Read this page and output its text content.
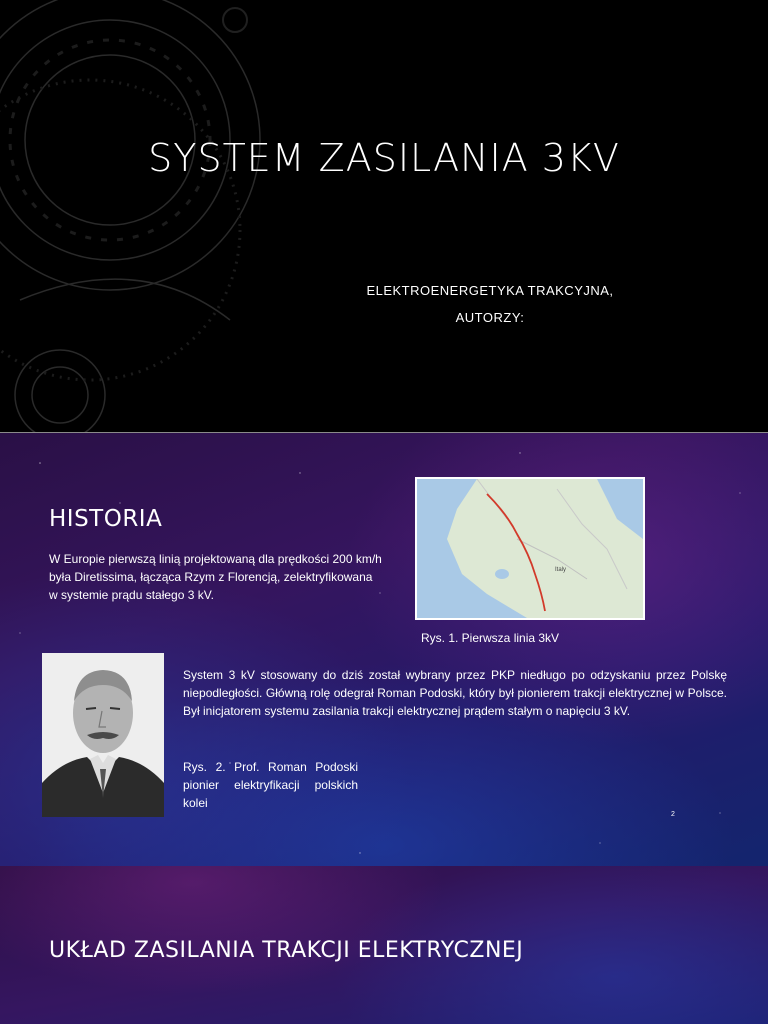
SYSTEM ZASILANIA 3KV
ELEKTROENERGETYKA TRAKCYJNA,
AUTORZY:
HISTORIA
W Europie pierwszą linią projektowaną dla prędkości 200 km/h była Diretissima, łącząca Rzym z Florencją, zelektryfikowana w systemie prądu stałego 3 kV.
Italy
Rys. 1. Pierwsza linia 3kV
System 3 kV stosowany do dziś został wybrany przez PKP niedługo po odzyskaniu przez Polskę niepodległości. Główną rolę odegrał Roman Podoski, który był pionierem trakcji elektrycznej w Polsce. Był inicjatorem systemu zasilania trakcji elektrycznej prądem stałym o napięciu 3 kV.
Rys. 2. Prof. Roman Podoski pionier elektryfikacji polskich kolei
2
UKŁAD ZASILANIA TRAKCJI ELEKTRYCZNEJ
